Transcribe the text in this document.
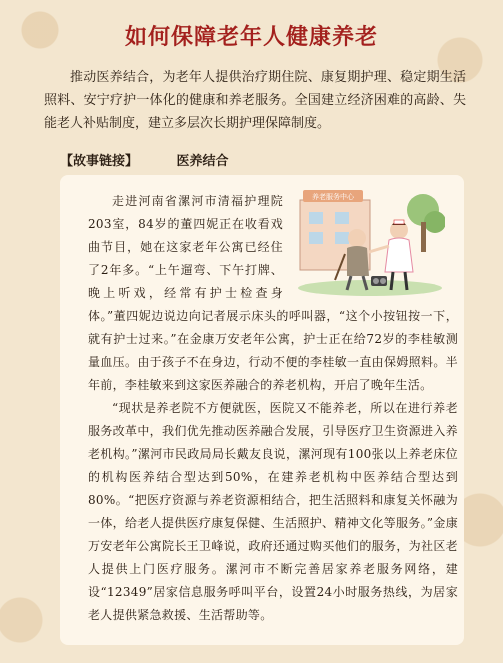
如何保障老年人健康养老
推动医养结合，为老年人提供治疗期住院、康复期护理、稳定期生活照料、安宁疗护一体化的健康和养老服务。全国建立经济困难的高龄、失能老人补贴制度，建立多层次长期护理保障制度。
【故事链接】	医养结合

走进河南省漯河市清福护理院203室，84岁的董四妮正在收看戏曲节目，她在这家老年公寓已经住了2年多。“上午遛弯、下午打牌、晚上听戏，经常有护士检查身体。”董四妮边说边向记者展示床头的呼叫器，“这个小按钮按一下，就有护士过来。”在金康万安老年公寓，护士正在给72岁的李桂敏测量血压。由于孩子不在身边，行动不便的李桂敏一直由保姆照料。半年前，李桂敏来到这家医养融合的养老机构，开启了晚年生活。

“现状是养老院不方便就医，医院又不能养老，所以在进行养老服务改革中，我们优先推动医养融合发展，引导医疗卫生资源进入养老机构。”漯河市民政局局长戴友良说，漯河现有100张以上养老床位的机构医养结合型达到50%，在建养老机构中医养结合型达到80%。“把医疗资源与养老资源相结合，把生活照料和康复关怀融为一体，给老人提供医疗康复保健、生活照护、精神文化等服务。”金康万安老年公寓院长王卫峰说，政府还通过购买他们的服务，为社区老人提供上门医疗服务。漯河市不断完善居家养老服务网络，建设“12349”居家信息服务呼叫平台，设置24小时服务热线，为居家老人提供紧急救援、生活帮助等。

养老服务中心
